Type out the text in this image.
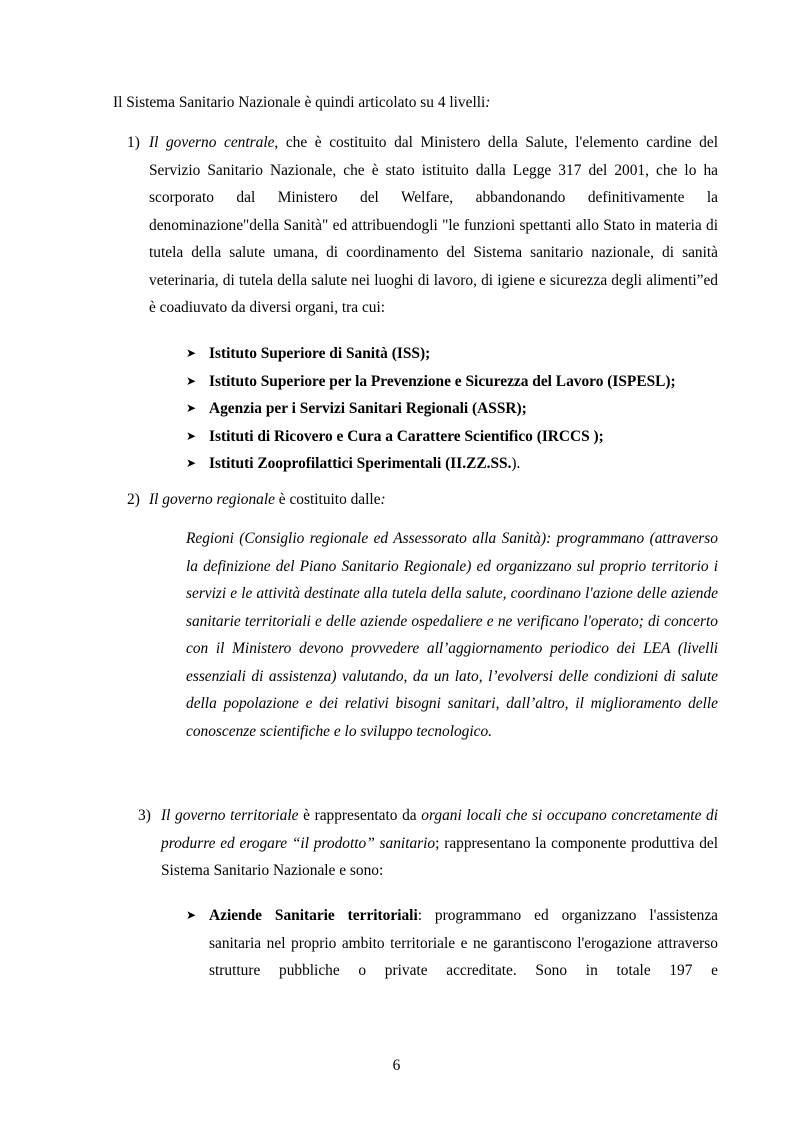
Il Sistema Sanitario Nazionale è quindi articolato su 4 livelli:
1) Il governo centrale, che è costituito dal Ministero della Salute, l'elemento cardine del Servizio Sanitario Nazionale, che è stato istituito dalla Legge 317 del 2001, che lo ha scorporato dal Ministero del Welfare, abbandonando definitivamente la denominazione"della Sanità" ed attribuendogli "le funzioni spettanti allo Stato in materia di tutela della salute umana, di coordinamento del Sistema sanitario nazionale, di sanità veterinaria, di tutela della salute nei luoghi di lavoro, di igiene e sicurezza degli alimenti”ed è coadiuvato da diversi organi, tra cui:
➤ Istituto Superiore di Sanità (ISS);
➤ Istituto Superiore per la Prevenzione e Sicurezza del Lavoro (ISPESL);
➤ Agenzia per i Servizi Sanitari Regionali (ASSR);
➤ Istituti di Ricovero e Cura a Carattere Scientifico (IRCCS );
➤ Istituti Zooprofilattici Sperimentali (II.ZZ.SS.).
2) Il governo regionale è costituito dalle:
Regioni (Consiglio regionale ed Assessorato alla Sanità): programmano (attraverso la definizione del Piano Sanitario Regionale) ed organizzano sul proprio territorio i servizi e le attività destinate alla tutela della salute, coordinano l'azione delle aziende sanitarie territoriali e delle aziende ospedaliere e ne verificano l'operato; di concerto con il Ministero devono provvedere all’aggiornamento periodico dei LEA (livelli essenziali di assistenza) valutando, da un lato, l’evolversi delle condizioni di salute della popolazione e dei relativi bisogni sanitari, dall’altro, il miglioramento delle conoscenze scientifiche e lo sviluppo tecnologico.
3) Il governo territoriale è rappresentato da organi locali che si occupano concretamente di produrre ed erogare “il prodotto” sanitario; rappresentano la componente produttiva del Sistema Sanitario Nazionale e sono:
➤ Aziende Sanitarie territoriali: programmano ed organizzano l'assistenza sanitaria nel proprio ambito territoriale e ne garantiscono l'erogazione attraverso strutture pubbliche o private accreditate. Sono in totale 197 e
6
